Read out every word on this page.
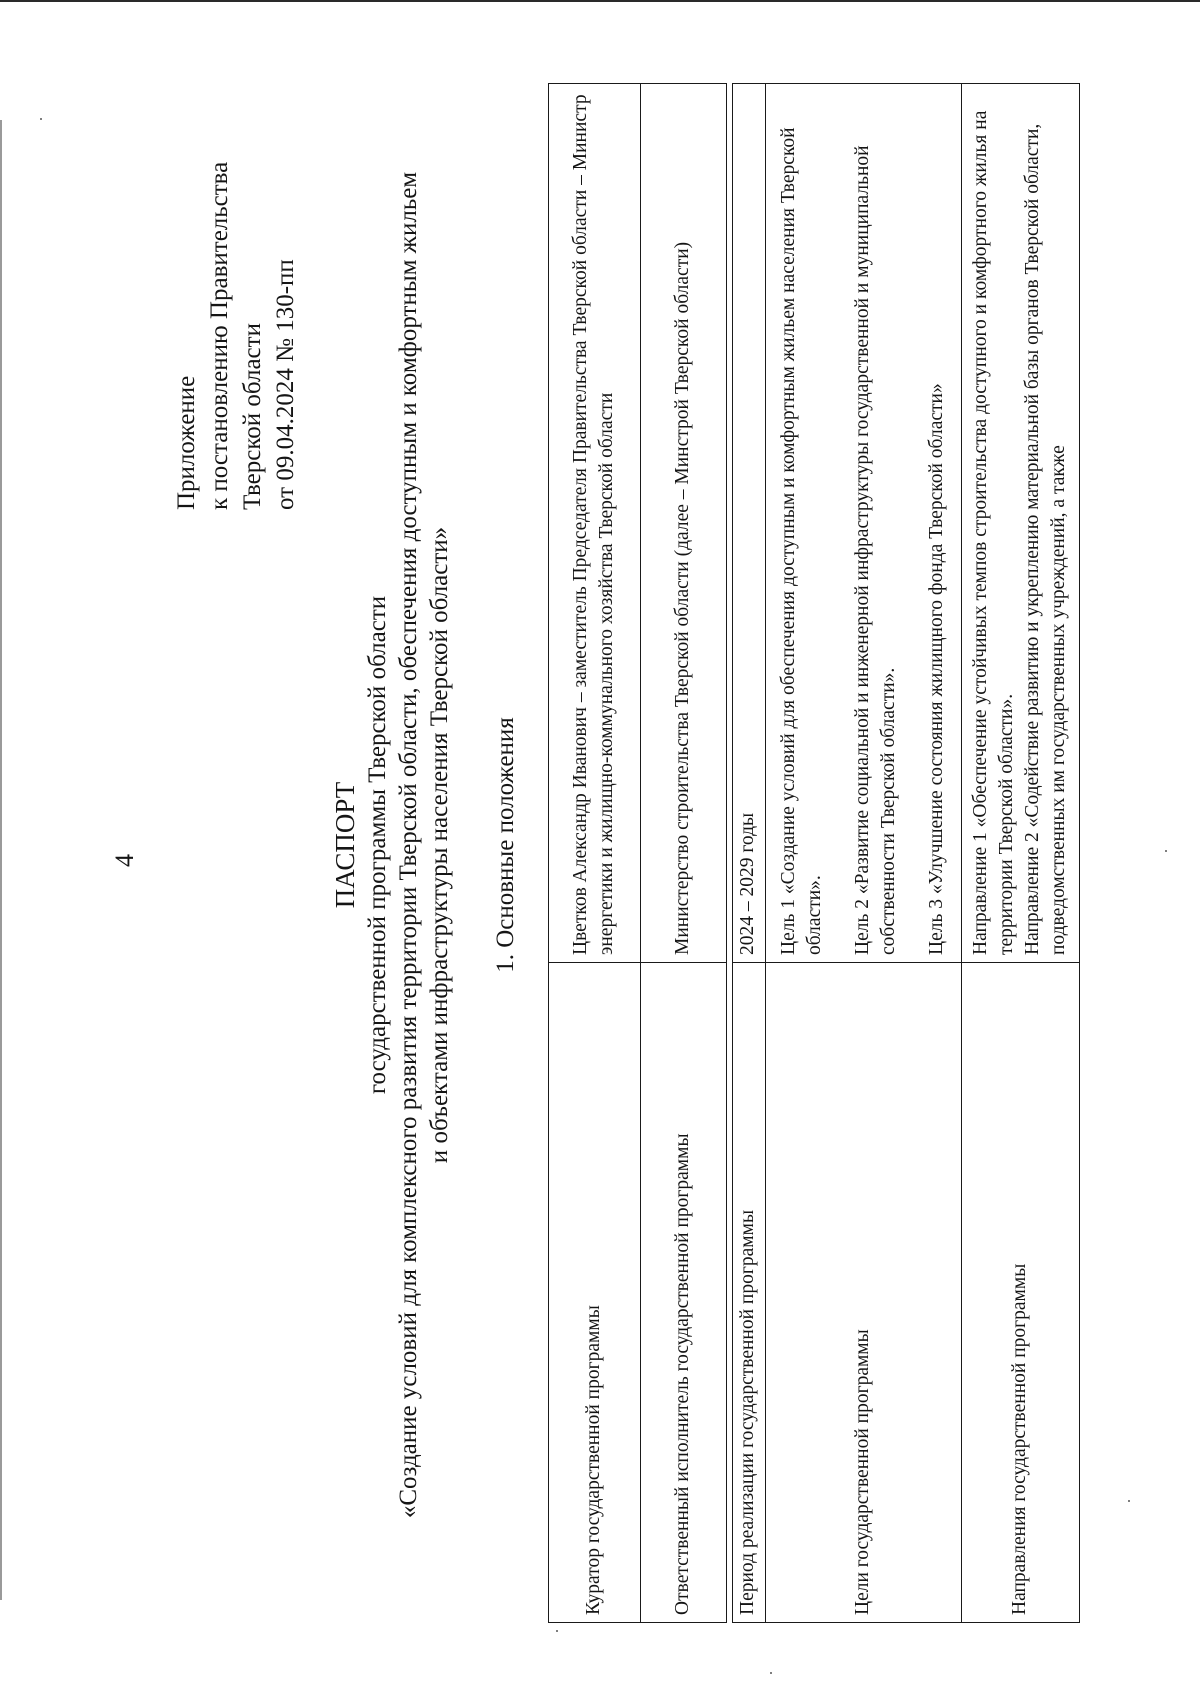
4
Приложение к постановлению Правительства Тверской области от 09.04.2024 № 130-пп
ПАСПОРТ государственной программы Тверской области «Создание условий для комплексного развития территории Тверской области, обеспечения доступным и комфортным жильем и объектами инфраструктуры населения Тверской области» 1. Основные положения
Куратор государственной программы	Цветков Александр Иванович – заместитель Председателя Правительства Тверской области – Министр энергетики и жилищно-коммунального хозяйства Тверской области
Ответственный исполнитель государственной программы	Министерство строительства Тверской области (далее – Минстрой Тверской области)
Период реализации государственной программы	2024 – 2029 годы
Цели государственной программы	Цель 1 «Создание условий для обеспечения доступным и комфортным жильем населения Тверской области». Цель 2 «Развитие социальной и инженерной инфраструктуры государственной и муниципальной собственности Тверской области». Цель 3 «Улучшение состояния жилищного фонда Тверской области»

Направления государственной программы	Направление 1 «Обеспечение устойчивых темпов строительства доступного и комфортного жилья на территории Тверской области». Направление 2 «Содействие развитию и укреплению материальной базы органов Тверской области, подведомственных им государственных учреждений, а также
